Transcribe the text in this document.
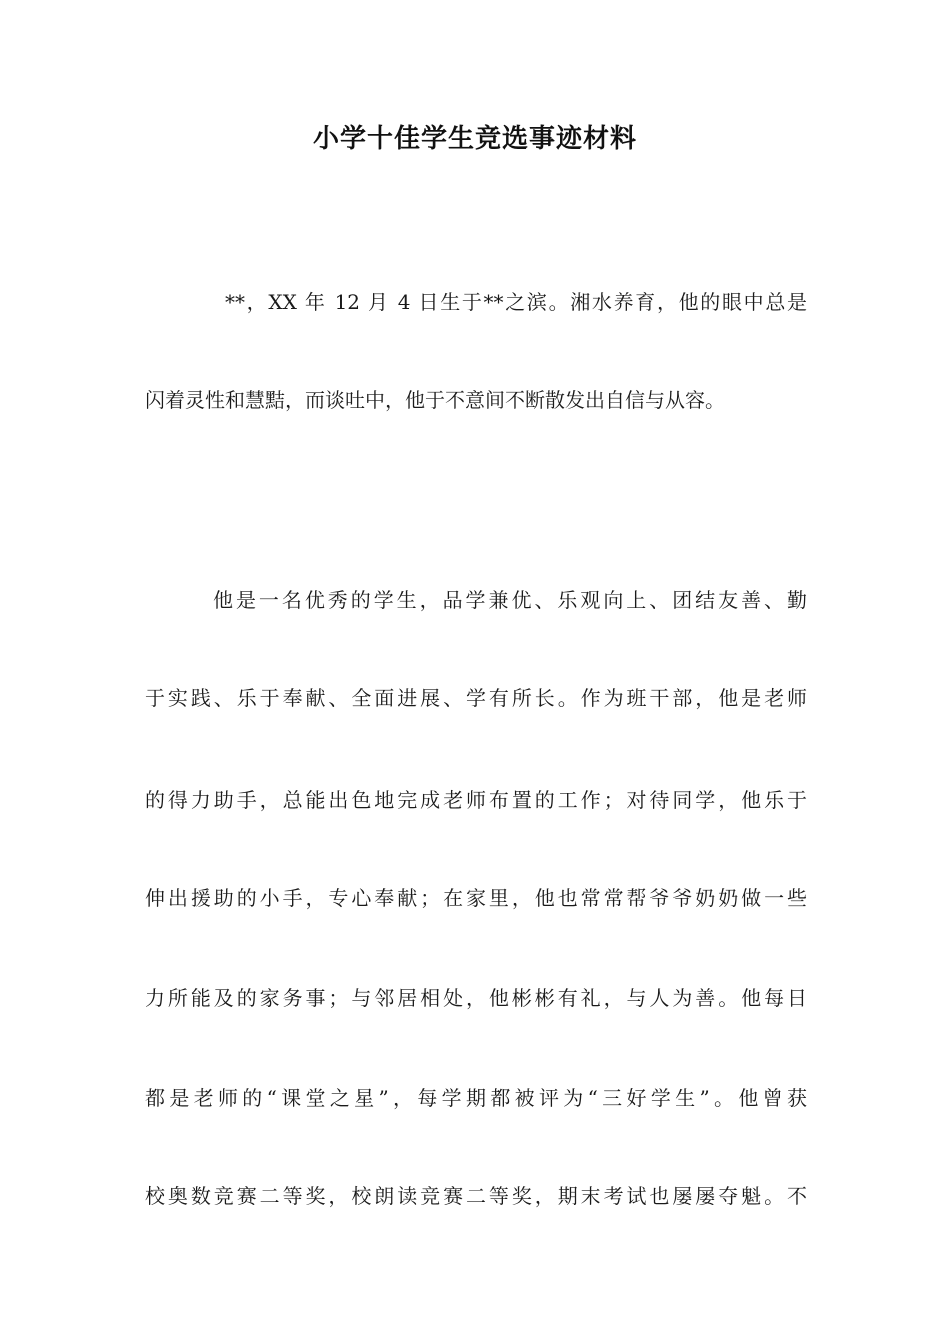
小学十佳学生竞选事迹材料
**，XX 年 12 月 4 日生于**之滨。湘水养育，他的眼中总是
闪着灵性和慧黠，而谈吐中，他于不意间不断散发出自信与从容。
他是一名优秀的学生，品学兼优、乐观向上、团结友善、勤
于实践、乐于奉献、全面进展、学有所长。作为班干部，他是老师
的得力助手，总能出色地完成老师布置的工作；对待同学，他乐于
伸出援助的小手，专心奉献；在家里，他也常常帮爷爷奶奶做一些
力所能及的家务事；与邻居相处，他彬彬有礼，与人为善。他每日
都是老师的“课堂之星”，每学期都被评为“三好学生”。他曾获
校奥数竞赛二等奖，校朗读竞赛二等奖，期末考试也屡屡夺魁。不
